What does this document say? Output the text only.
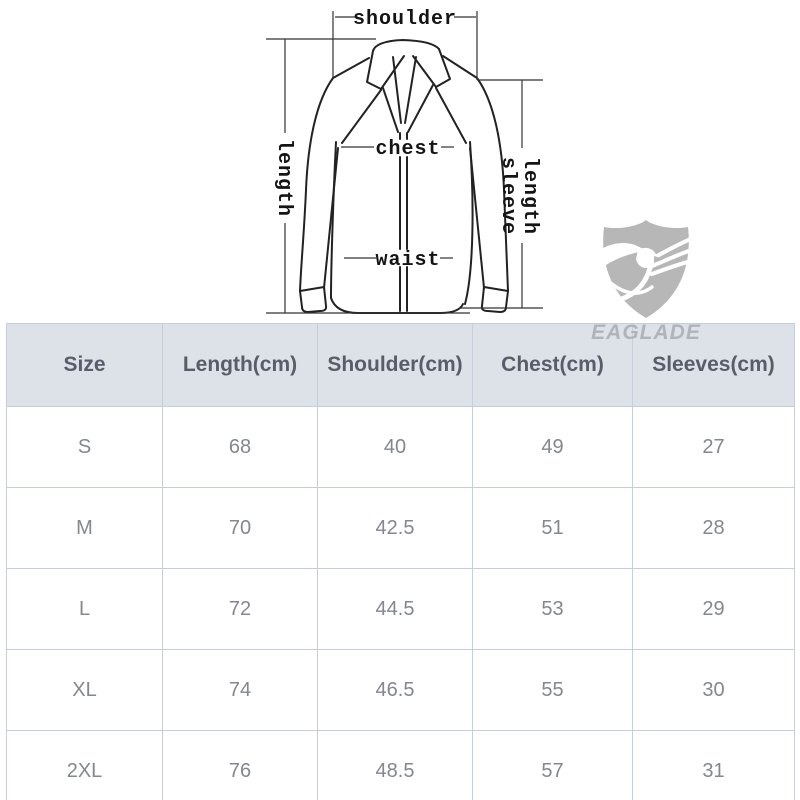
shoulder
length	chest
waist
sleeve length
EAGLADE
Size	Length(cm)	Shoulder(cm)	Chest(cm)	Sleeves(cm)
S	68	40	49	27
M	70	42.5	51	28
L	72	44.5	53	29
XL	74	46.5	55	30
2XL	76	48.5	57	31
